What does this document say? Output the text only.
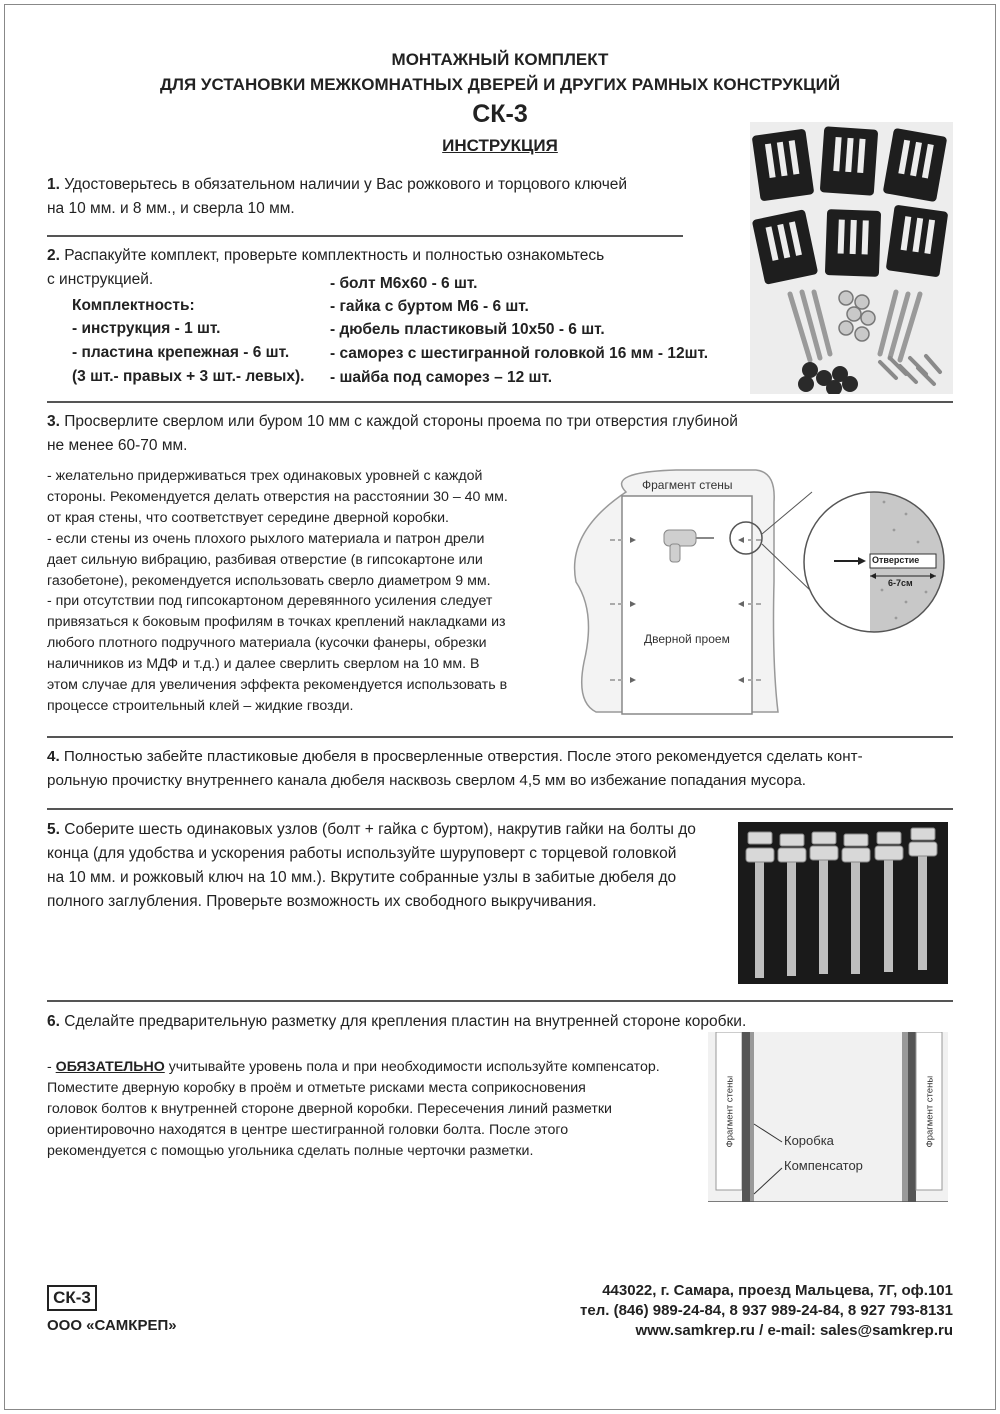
МОНТАЖНЫЙ КОМПЛЕКТ
ДЛЯ УСТАНОВКИ МЕЖКОМНАТНЫХ ДВЕРЕЙ И ДРУГИХ РАМНЫХ КОНСТРУКЦИЙ
СК-3
ИНСТРУКЦИЯ
1. Удостоверьтесь в обязательном наличии у Вас рожкового и торцового ключей
на 10 мм. и 8 мм., и сверла 10 мм.
2. Распакуйте комплект, проверьте комплектность и полностью ознакомьтесь
с инструкцией.
Комплектность:
- инструкция - 1 шт.
- пластина крепежная - 6 шт.
(3 шт.- правых + 3 шт.- левых).
- болт М6х60 - 6 шт.
- гайка с буртом М6 - 6 шт.
- дюбель пластиковый 10х50 - 6 шт.
- саморез с шестигранной головкой 16 мм - 12шт.
- шайба под саморез – 12 шт.
3. Просверлите сверлом или буром 10 мм с каждой стороны проема по три отверстия глубиной
не менее 60-70 мм.
- желательно придерживаться трех одинаковых уровней с каждой
стороны. Рекомендуется делать отверстия на расстоянии 30 – 40 мм.
от края стены, что соответствует середине дверной коробки.
- если стены из очень плохого рыхлого материала и патрон дрели
дает сильную вибрацию, разбивая отверстие (в гипсокартоне или
газобетоне), рекомендуется использовать сверло диаметром 9 мм.
- при отсутствии под гипсокартоном деревянного усиления следует
привязаться к боковым профилям в точках креплений накладками из
любого плотного подручного материала (кусочки фанеры, обрезки
наличников из МДФ и т.д.) и далее сверлить сверлом на 10 мм. В
этом случае для увеличения эффекта рекомендуется использовать в
процессе строительный клей – жидкие гвозди.
Фрагмент стены
Дверной проем
Отверстие
6-7см
4. Полностью забейте пластиковые дюбеля в просверленные отверстия. После этого рекомендуется сделать конт-
рольную прочистку внутреннего канала дюбеля насквозь сверлом 4,5 мм во избежание попадания мусора.
5. Соберите шесть одинаковых узлов (болт + гайка с буртом), накрутив гайки на болты до
конца (для удобства и ускорения работы используйте шуруповерт с торцевой головкой
на 10 мм. и рожковый ключ на 10 мм.). Вкрутите собранные узлы в забитые дюбеля до
полного заглубления. Проверьте возможность их свободного выкручивания.
6. Сделайте предварительную разметку для крепления пластин на внутренней стороне коробки.
- ОБЯЗАТЕЛЬНО учитывайте уровень пола и при необходимости используйте компенсатор.
Поместите дверную коробку в проём и отметьте рисками места соприкосновения
головок болтов к внутренней стороне дверной коробки. Пересечения линий разметки
ориентировочно находятся в центре шестигранной головки болта. После этого
рекомендуется с помощью угольника сделать полные черточки разметки.
Фрагмент стены	Фрагмент стены
Коробка
Компенсатор
СК-3
ООО «САМКРЕП»
443022, г. Самара, проезд Мальцева, 7Г, оф.101
тел. (846) 989-24-84, 8 937 989-24-84, 8 927 793-8131
www.samkrep.ru / e-mail: sales@samkrep.ru
